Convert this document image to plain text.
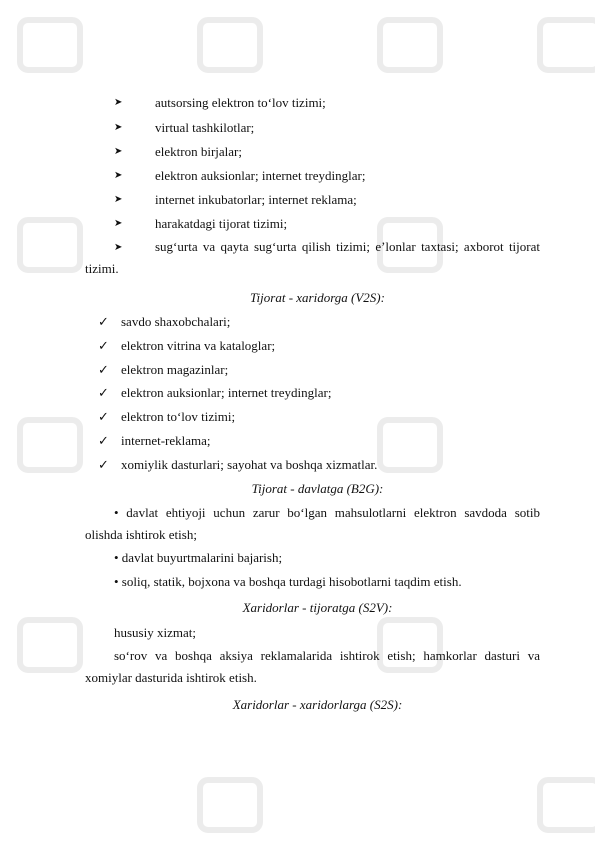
➤	autsorsing elektron to‘lov tizimi;
➤	virtual tashkilotlar;
➤	elektron birjalar;
➤	elektron auksionlar; internet treydinglar;
➤	internet inkubatorlar; internet reklama;
➤	harakatdagi tijorat tizimi;
➤	sug‘urta va qayta sug‘urta qilish tizimi; e’lonlar taxtasi; axborot tijorat tizimi.
Tijorat - xaridorga (V2S):
✓ savdo shaxobchalari;
✓ elektron vitrina va kataloglar;
✓ elektron magazinlar;
✓ elektron auksionlar; internet treydinglar;
✓ elektron to‘lov tizimi;
✓ internet-reklama;
✓ xomiylik dasturlari; sayohat va boshqa xizmatlar.
Tijorat - davlatga (B2G):
• davlat ehtiyoji uchun zarur bo‘lgan mahsulotlarni elektron savdoda sotib olishda ishtirok etish;
• davlat buyurtmalarini bajarish;
• soliq, statik, bojxona va boshqa turdagi hisobotlarni taqdim etish.
Xaridorlar - tijoratga (S2V):
hususiy xizmat;
so‘rov va boshqa aksiya reklamalarida ishtirok etish; hamkorlar dasturi va xomiylar dasturida ishtirok etish.
Xaridorlar - xaridorlarga (S2S):
